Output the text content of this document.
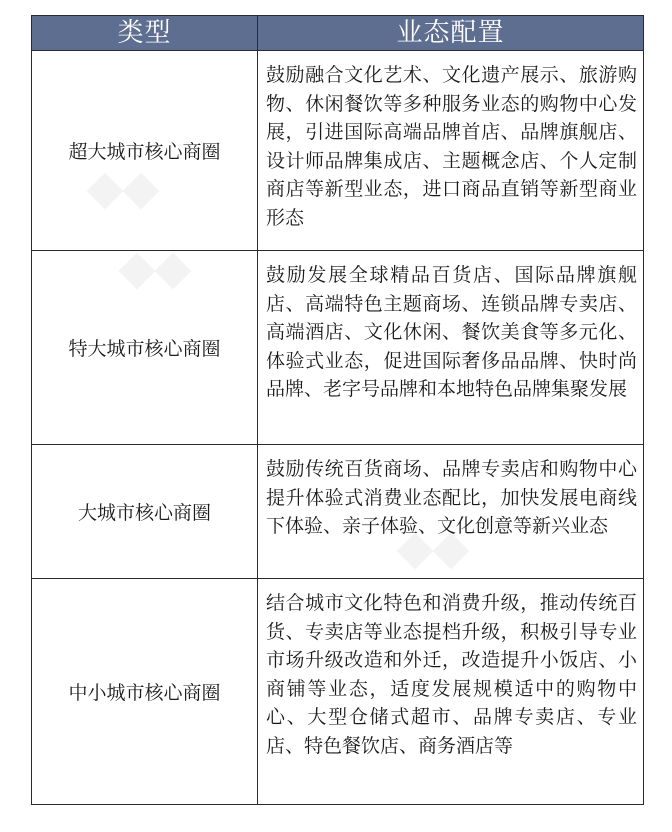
类型	业态配置
超大城市核心商圈	鼓励融合文化艺术、文化遗产展示、旅游购物、休闲餐饮等多种服务业态的购物中心发展，引进国际高端品牌首店、品牌旗舰店、设计师品牌集成店、主题概念店、个人定制商店等新型业态，进口商品直销等新型商业形态
特大城市核心商圈	鼓励发展全球精品百货店、国际品牌旗舰店、高端特色主题商场、连锁品牌专卖店、高端酒店、文化休闲、餐饮美食等多元化、体验式业态，促进国际奢侈品品牌、快时尚品牌、老字号品牌和本地特色品牌集聚发展
大城市核心商圈	鼓励传统百货商场、品牌专卖店和购物中心提升体验式消费业态配比，加快发展电商线下体验、亲子体验、文化创意等新兴业态
中小城市核心商圈	结合城市文化特色和消费升级，推动传统百货、专卖店等业态提档升级，积极引导专业市场升级改造和外迁，改造提升小饭店、小商铺等业态，适度发展规模适中的购物中心、大型仓储式超市、品牌专卖店、专业店、特色餐饮店、商务酒店等
